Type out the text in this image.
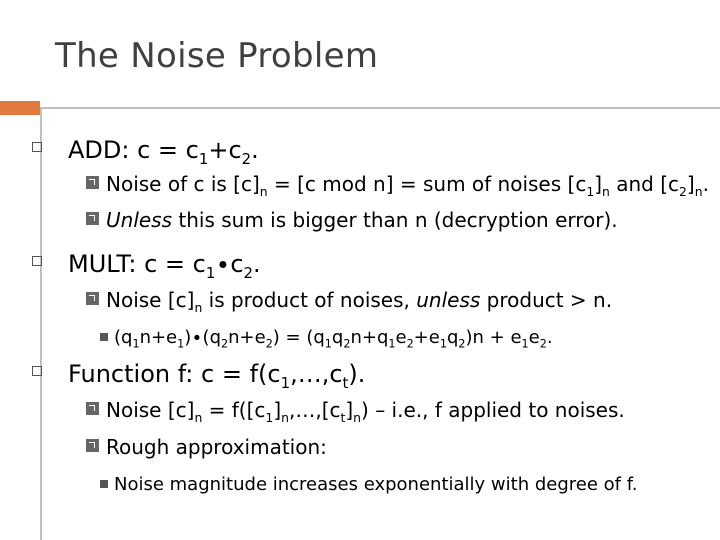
The Noise Problem
ADD: $c = c_1+c_2$.
Noise of c is $[c]_n = [c$ mod n] = sum of noises $[c_1]_n$ and $[c_2]_n$.
Unless this sum is bigger than n (decryption error).
MULT: $c = c_1\cdot c_2$.
Noise $[c]_n$ is product of noises, unless product > n.
$(q_1n+e_1)\cdot(q_2n+e_2) = (q_1q_2n+q_1e_2+e_1q_2)n + e_1e_2$.
Function f: $c = f(c_1,\dots,c_t)$.
Noise $[c]_n$ = $f([c_1]_n,\dots,[c_t]_n) - i.e$., f applied to noises.
Rough approximation:
Noise magnitude increases exponentially with degree of f.
